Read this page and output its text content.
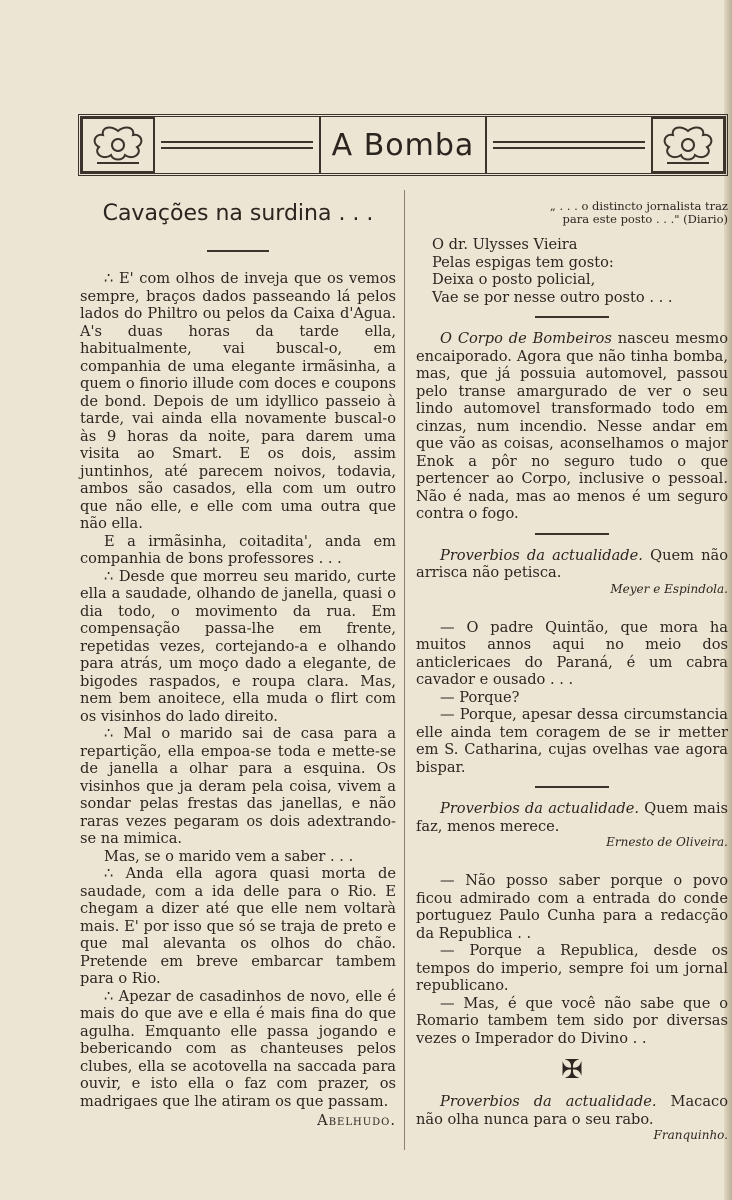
A Bomba
Cavações na surdina . . .

∴ E' com olhos de inveja que os vemos sempre, braços dados passeando lá pelos lados do Philtro ou pelos da Caixa d'Agua. A's duas horas da tarde ella, habitualmente, vai buscal-o, em companhia de uma elegante irmãsinha, a quem o finorio illude com doces e coupons de bond. Depois de um idyllico passeio à tarde, vai ainda ella novamente buscal-o às 9 horas da noite, para darem uma visita ao Smart. E os dois, assim juntinhos, até parecem noivos, todavia, ambos são casados, ella com um outro que não elle, e elle com uma outra que não ella.

E a irmãsinha, coitadita', anda em companhia de bons professores . . .

∴ Desde que morreu seu marido, curte ella a saudade, olhando de janella, quasi o dia todo, o movimento da rua. Em compensação passa-lhe em frente, repetidas vezes, cortejando-a e olhando para atrás, um moço dado a elegante, de bigodes raspados, e roupa clara. Mas, nem bem anoitece, ella muda o flirt com os visinhos do lado direito.

∴ Mal o marido sai de casa para a repartição, ella empoa-se toda e mette-se de janella a olhar para a esquina. Os visinhos que ja deram pela coisa, vivem a sondar pelas frestas das janellas, e não raras vezes pegaram os dois adextrando-se na mimica.

Mas, se o marido vem a saber . . .

∴ Anda ella agora quasi morta de saudade, com a ida delle para o Rio. E chegam a dizer até que elle nem voltarà mais. E' por isso que só se traja de preto e que mal alevanta os olhos do chão. Pretende em breve embarcar tambem para o Rio.

∴ Apezar de casadinhos de novo, elle é mais do que ave e ella é mais fina do que agulha. Emquanto elle passa jogando e bebericando com as chanteuses pelos clubes, ella se acotovella na saccada para ouvir, e isto ella o faz com prazer, os madrigaes que lhe atiram os que passam.

Abelhudo.
„ . . . o distincto jornalista traz para este posto . . ." (Diario)

O dr. Ulysses Vieira

Pelas espigas tem gosto:

Deixa o posto policial,

Vae se por nesse outro posto . . .

O Corpo de Bombeiros nasceu mesmo encaiporado. Agora que não tinha bomba, mas, que já possuia automovel, passou pelo transe amargurado de ver o seu lindo automovel transformado todo em cinzas, num incendio. Nesse andar em que vão as coisas, aconselhamos o major Enok a pôr no seguro tudo o que pertencer ao Corpo, inclusive o pessoal. Não é nada, mas ao menos é um seguro contra o fogo.

Proverbios da actualidade. Quem não arrisca não petisca.

Meyer e Espindola.

— O padre Quintão, que mora ha muitos annos aqui no meio dos anticlericaes do Paraná, é um cabra cavador e ousado . . .

— Porque?

— Porque, apesar dessa circumstancia elle ainda tem coragem de se ir metter em S. Catharina, cujas ovelhas vae agora bispar.

Proverbios da actualidade. Quem mais faz, menos merece.

Ernesto de Oliveira.

— Não posso saber porque o povo ficou admirado com a entrada do conde portuguez Paulo Cunha para a redacção da Republica . .

— Porque a Republica, desde os tempos do imperio, sempre foi um jornal republicano.

— Mas, é que você não sabe que o Romario tambem tem sido por diversas vezes o Imperador do Divino . .

✠

Proverbios da actualidade. Macaco não olha nunca para o seu rabo.

Franquinho.
